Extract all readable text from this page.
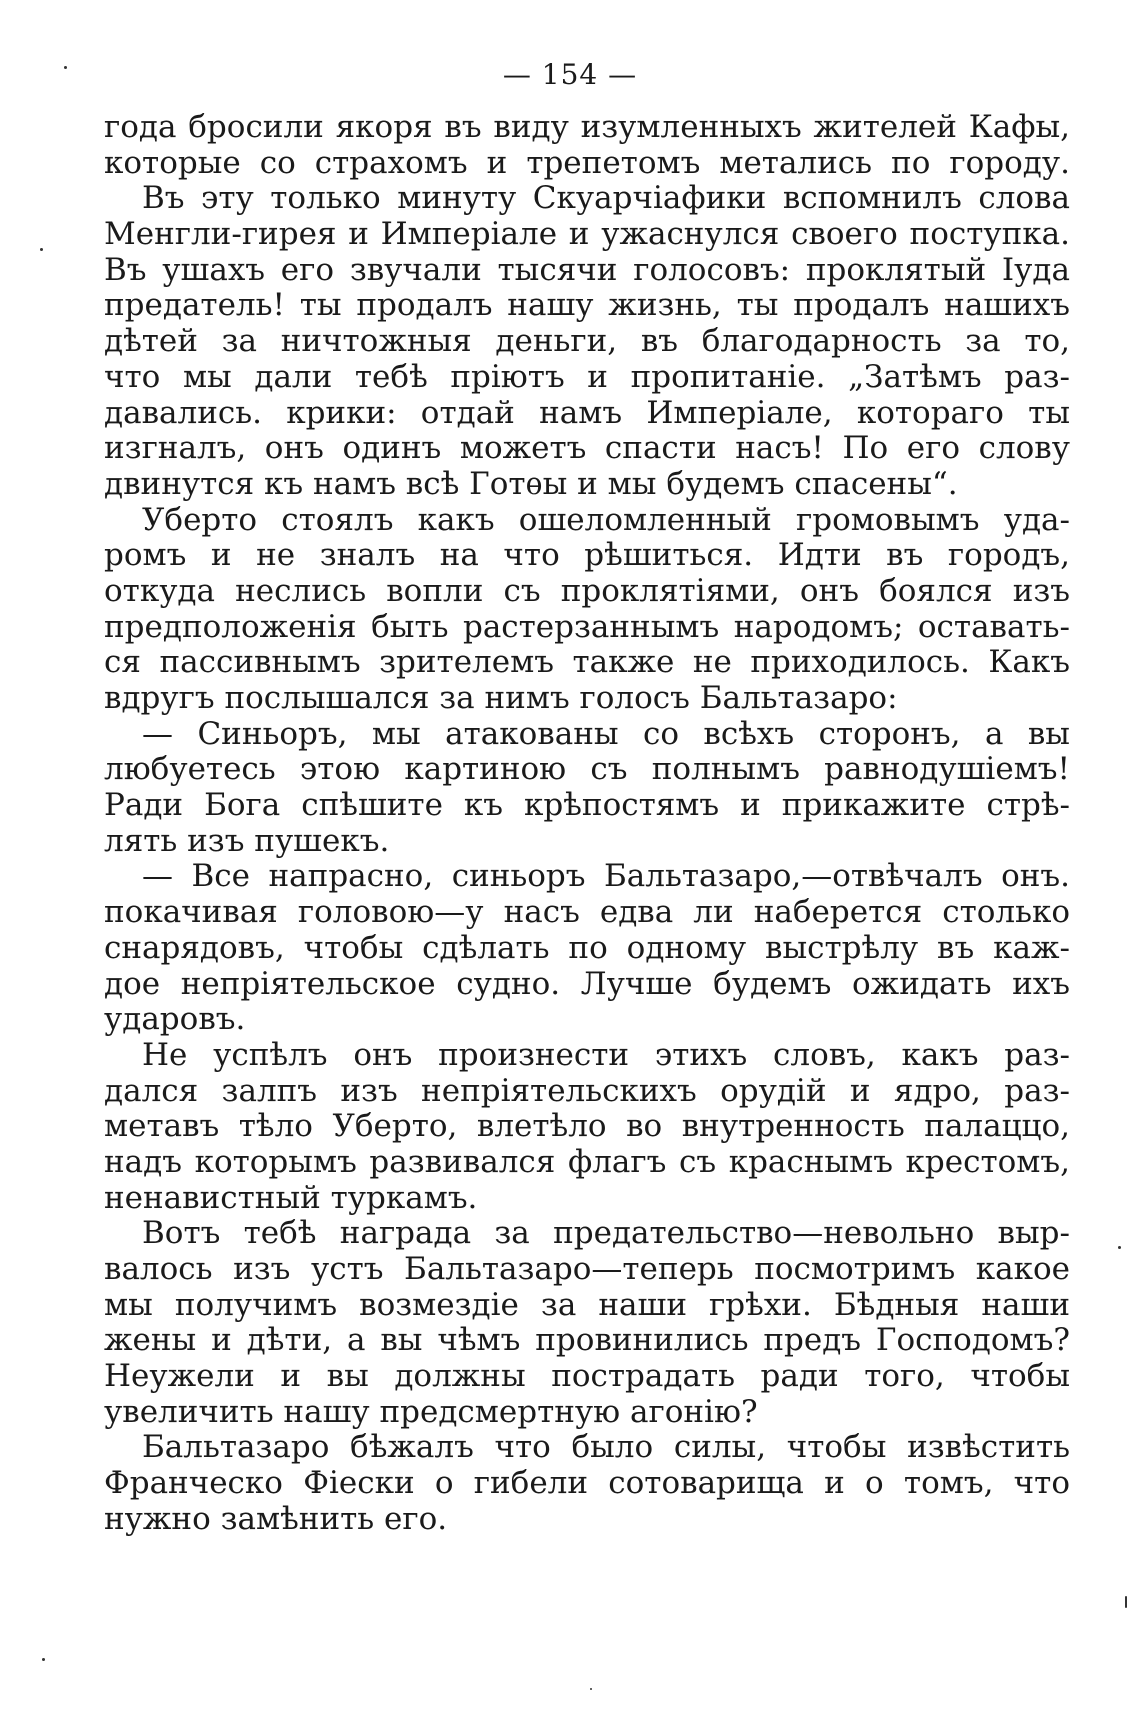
— 154 —
года бросили якоря въ виду изумленныхъ жителей Кафы,
которые со страхомъ и трепетомъ метались по городу.
Въ эту только минуту Скуарчiафики вспомнилъ слова
Менгли-гирея и Имперiале и ужаснулся своего поступка.
Въ ушахъ его звучали тысячи голосовъ: проклятый Iуда
предатель! ты продалъ нашу жизнь, ты продалъ нашихъ
дѣтей за ничтожныя деньги, въ благодарность за то,
что мы дали тебѣ прiютъ и пропитанiе. „Затѣмъ раз-
давались. крики: отдай намъ Имперiале, котораго ты
изгналъ, онъ одинъ можетъ спасти насъ! По его слову
двинутся къ намъ всѣ Готѳы и мы будемъ спасены“.
Уберто стоялъ какъ ошеломленный громовымъ уда-
ромъ и не зналъ на что рѣшиться. Идти въ городъ,
откуда неслись вопли съ проклятiями, онъ боялся изъ
предположенiя быть растерзаннымъ народомъ; оставать-
ся пассивнымъ зрителемъ также не приходилось. Какъ
вдругъ послышался за нимъ голосъ Бальтазаро:
— Синьоръ, мы атакованы со всѣхъ сторонъ, а вы
любуетесь этою картиною съ полнымъ равнодушiемъ!
Ради Бога спѣшите къ крѣпостямъ и прикажите стрѣ-
лять изъ пушекъ.
— Все напрасно, синьоръ Бальтазаро,—отвѣчалъ онъ.
покачивая головою—у насъ едва ли наберется столько
снарядовъ, чтобы сдѣлать по одному выстрѣлу въ каж-
дое непрiятельское судно. Лучше будемъ ожидать ихъ
ударовъ.
Не успѣлъ онъ произнести этихъ словъ, какъ раз-
дался залпъ изъ непрiятельскихъ орудiй и ядро, раз-
метавъ тѣло Уберто, влетѣло во внутренность палаццо,
надъ которымъ развивался флагъ съ краснымъ крестомъ,
ненавистный туркамъ.
Вотъ тебѣ награда за предательство—невольно выр-
валось изъ устъ Бальтазаро—теперь посмотримъ какое
мы получимъ возмездiе за наши грѣхи. Бѣдныя наши
жены и дѣти, а вы чѣмъ провинились предъ Господомъ?
Неужели и вы должны пострадать ради того, чтобы
увеличить нашу предсмертную агонiю?
Бальтазаро бѣжалъ что было силы, чтобы извѣстить
Франческо Фiески о гибели сотоварища и о томъ, что
нужно замѣнить его.
